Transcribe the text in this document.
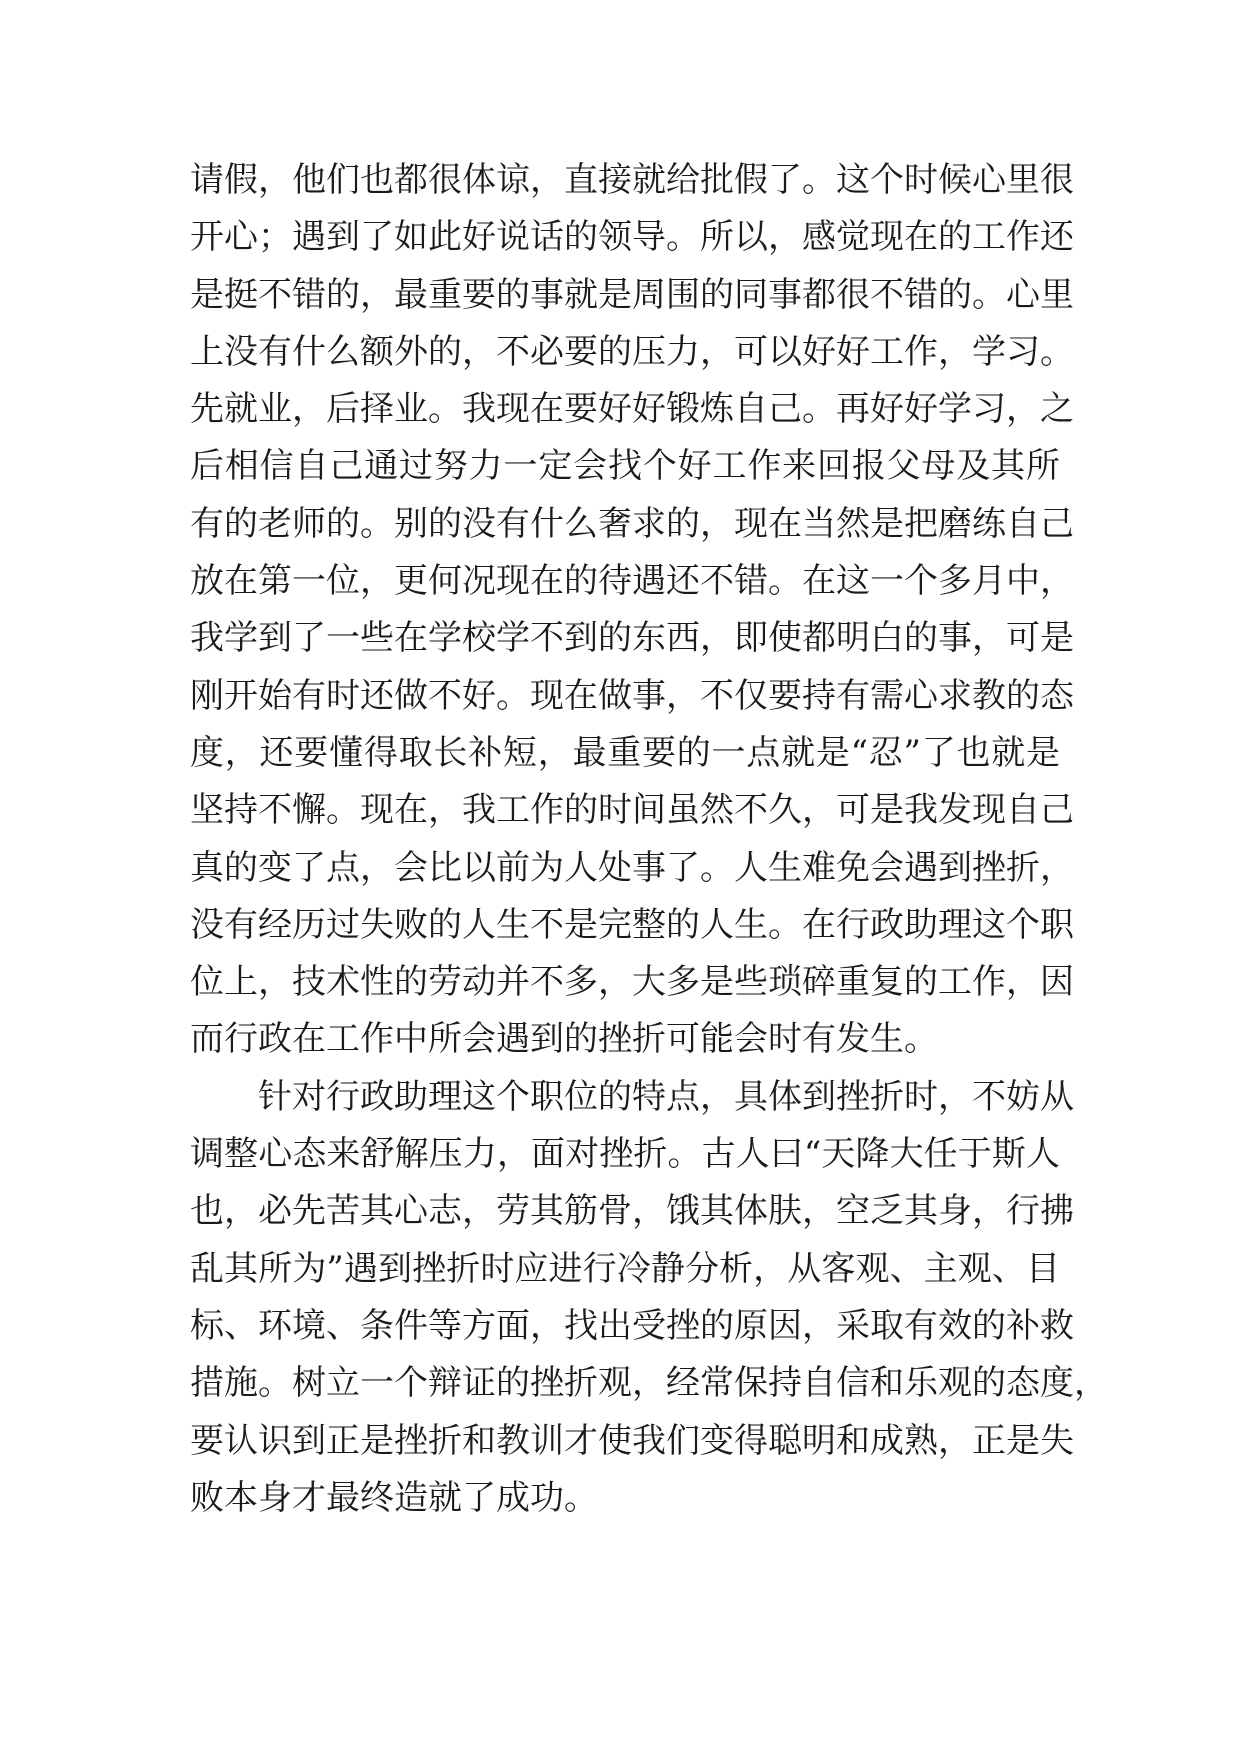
请假，他们也都很体谅，直接就给批假了。这个时候心里很
开心；遇到了如此好说话的领导。所以，感觉现在的工作还
是挺不错的，最重要的事就是周围的同事都很不错的。心里
上没有什么额外的，不必要的压力，可以好好工作，学习。
先就业，后择业。我现在要好好锻炼自己。再好好学习，之
后相信自己通过努力一定会找个好工作来回报父母及其所
有的老师的。别的没有什么奢求的，现在当然是把磨练自己
放在第一位，更何况现在的待遇还不错。在这一个多月中，
我学到了一些在学校学不到的东西，即使都明白的事，可是
刚开始有时还做不好。现在做事，不仅要持有需心求教的态
度，还要懂得取长补短，最重要的一点就是“忍”了也就是
坚持不懈。现在，我工作的时间虽然不久，可是我发现自己
真的变了点，会比以前为人处事了。人生难免会遇到挫折，
没有经历过失败的人生不是完整的人生。在行政助理这个职
位上，技术性的劳动并不多，大多是些琐碎重复的工作，因
而行政在工作中所会遇到的挫折可能会时有发生。
针对行政助理这个职位的特点，具体到挫折时，不妨从
调整心态来舒解压力，面对挫折。古人曰“天降大任于斯人
也，必先苦其心志，劳其筋骨，饿其体肤，空乏其身，行拂
乱其所为”遇到挫折时应进行冷静分析，从客观、主观、目
标、环境、条件等方面，找出受挫的原因，采取有效的补救
措施。树立一个辩证的挫折观，经常保持自信和乐观的态度，
要认识到正是挫折和教训才使我们变得聪明和成熟，正是失
败本身才最终造就了成功。
